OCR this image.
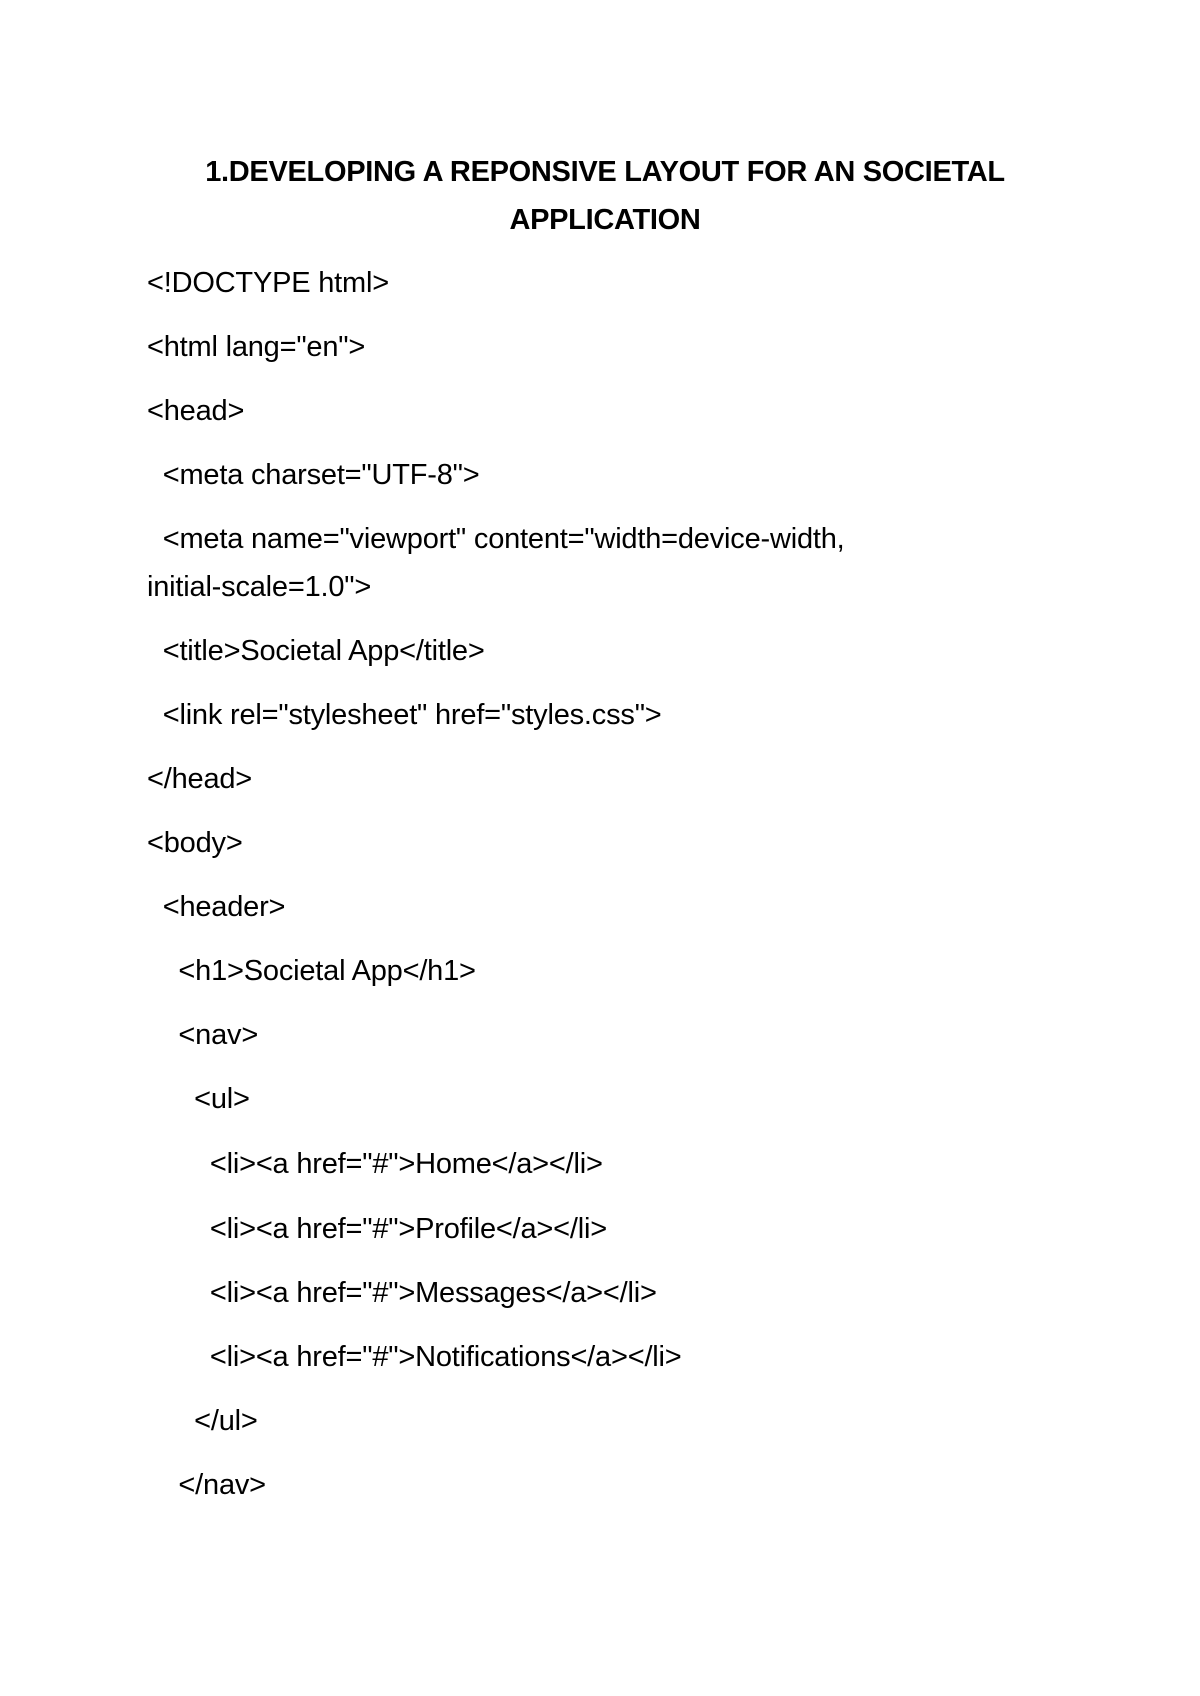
1.DEVELOPING A REPONSIVE LAYOUT FOR AN SOCIETAL
APPLICATION
<!DOCTYPE html>
<html lang="en">
<head>
<meta charset="UTF-8">
<meta name="viewport" content="width=device-width,
initial-scale=1.0">
<title>Societal App</title>
<link rel="stylesheet" href="styles.css">
</head>
<body>
<header>
<h1>Societal App</h1>
<nav>
<ul>
<li><a href="#">Home</a></li>
<li><a href="#">Profile</a></li>
<li><a href="#">Messages</a></li>
<li><a href="#">Notifications</a></li>
</ul>
</nav>
